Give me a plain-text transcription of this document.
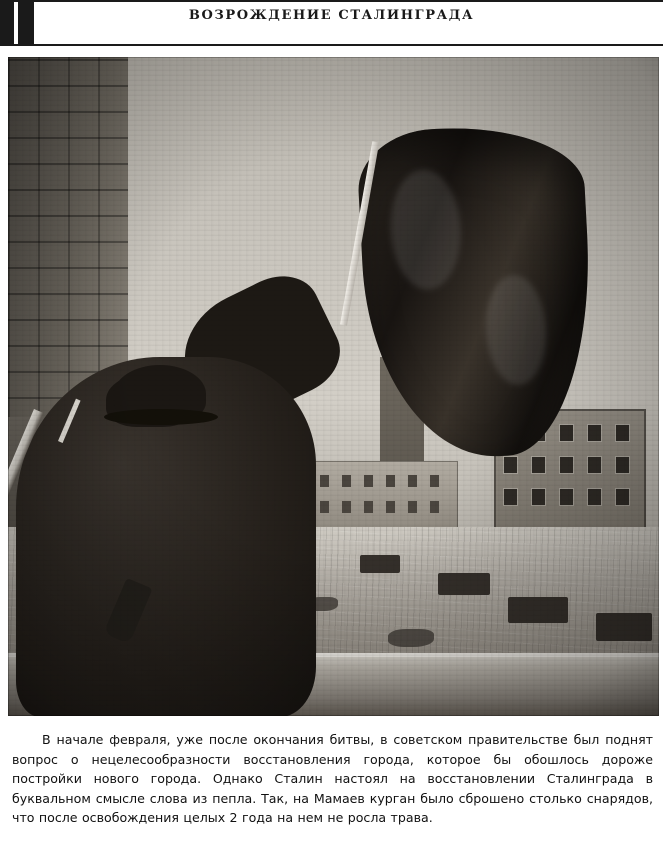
ВОЗРОЖДЕНИЕ СТАЛИНГРАДА

В начале февраля, уже после окончания битвы, в советском правительстве был поднят вопрос о нецелесообразности восстановления города, которое бы обошлось дороже постройки нового города. Однако Сталин настоял на восстановлении Сталинграда в буквальном смысле слова из пепла. Так, на Мамаев курган было сброшено столько снарядов, что после освобождения целых 2 года на нем не росла трава.
